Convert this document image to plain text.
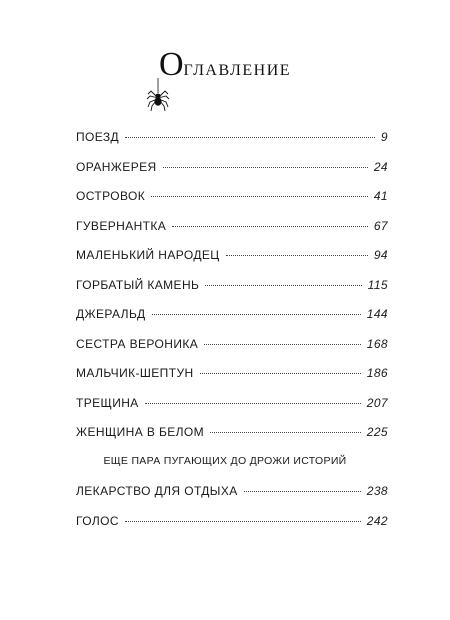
Оглавление
ПОЕЗД	9
ОРАНЖЕРЕЯ	24
ОСТРОВОК	41
ГУВЕРНАНТКА	67
МАЛЕНЬКИЙ НАРОДЕЦ	94
ГОРБАТЫЙ КАМЕНЬ	115
ДЖЕРАЛЬД	144
СЕСТРА ВЕРОНИКА	168
МАЛЬЧИК-ШЕПТУН	186
ТРЕЩИНА	207
ЖЕНЩИНА В БЕЛОМ	225
ЕЩЕ ПАРА ПУГАЮЩИХ ДО ДРОЖИ ИСТОРИЙ
ЛЕКАРСТВО ДЛЯ ОТДЫХА	238
ГОЛОС	242
